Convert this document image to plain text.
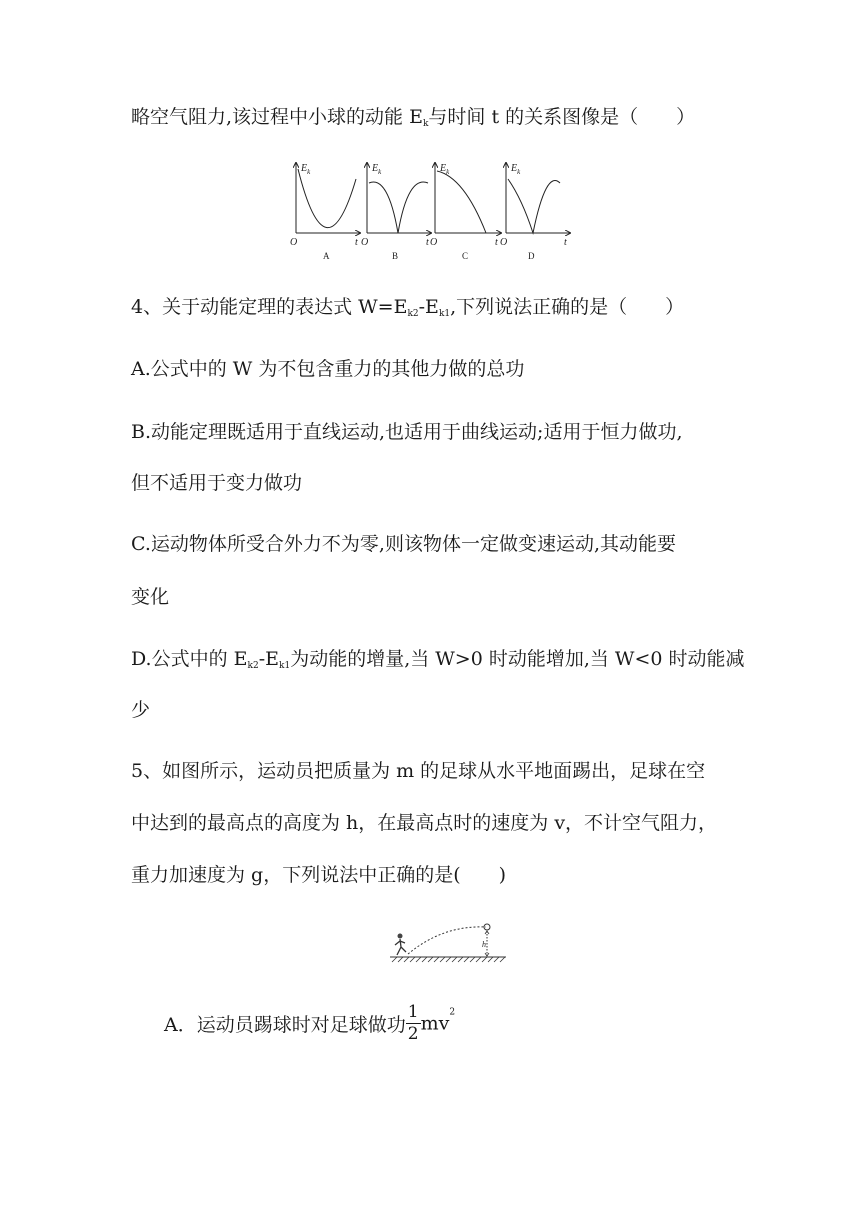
略空气阻力,该过程中小球的动能 $E_k$与时间 t 的关系图像是（　　）
$E_k$	$E_k$	$E_k$	$E_k$
O	t O	t O	t O	t
A	B	C	D
4、关于动能定理的表达式 $W=E_{k2}-E_{k1}$,下列说法正确的是（　　）
A.公式中的 W 为不包含重力的其他力做的总功
B.动能定理既适用于直线运动,也适用于曲线运动;适用于恒力做功,
但不适用于变力做功
C.运动物体所受合外力不为零,则该物体一定做变速运动,其动能要
变化
D.公式中的 $E_{k2}-E_{k1}$为动能的增量,当 W>0 时动能增加,当 W<0 时动能减
少
5、如图所示，运动员把质量为 m 的足球从水平地面踢出，足球在空
中达到的最高点的高度为 h，在最高点时的速度为 v，不计空气阻力，
重力加速度为 g，下列说法中正确的是(　　)
h
A．运动员踢球时对足球做功 $\frac{1}{2} mv^2$
